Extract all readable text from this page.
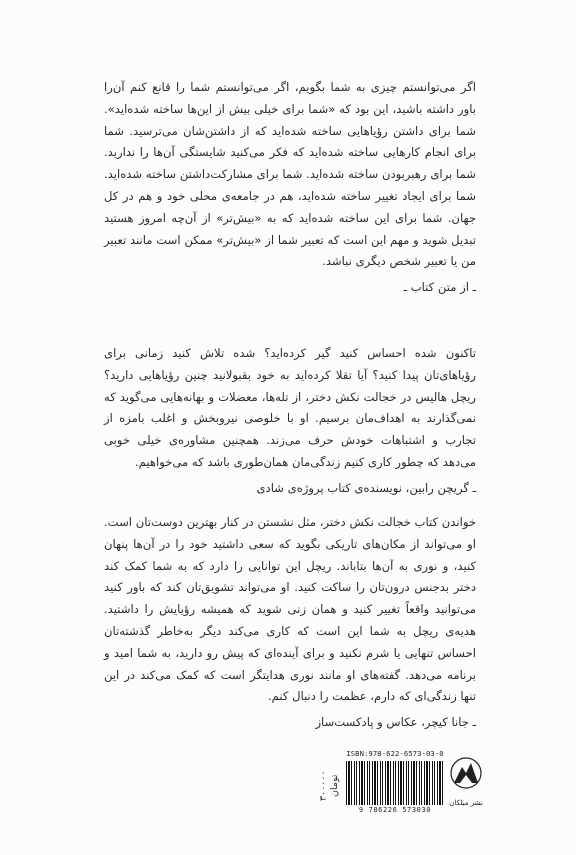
اگر می‌توانستم چیزی به شما بگویم، اگر می‌توانستم شما را قانع کنم آن‌را باور داشته باشید، این بود که «شما برای خیلی بیش از این‌ها ساخته شده‌اید». شما برای داشتن رؤیاهایی ساخته شده‌اید که از داشتن‌شان می‌ترسید. شما برای انجام کارهایی ساخته شده‌اید که فکر می‌کنید شایستگی آن‌ها را ندارید. شما برای رهبربودن ساخته شده‌اید. شما برای مشارکت‌داشتن ساخته شده‌اید. شما برای ایجاد تغییر ساخته شده‌اید، هم در جامعه‌ی محلی خود و هم در کل جهان. شما برای این ساخته شده‌اید که به «بیش‌تر» از آن‌چه امروز هستید تبدیل شوید و مهم این است که تعبیر شما از «بیش‌تر» ممکن است مانند تعبیر من یا تعبیر شخص دیگری نباشد.

ـ از متن کتاب ـ

تاکنون شده احساس کنید گیر کرده‌اید؟ شده تلاش کنید زمانی برای رؤیاهای‌تان پیدا کنید؟ آیا تقلا کرده‌اید به خود بقبولانید چنین رؤیاهایی دارید؟ ریچل هالیس در خجالت نکش دختر، از تله‌ها، معضلات و بهانه‌هایی می‌گوید که نمی‌گذارند به اهداف‌مان برسیم. او با خلوصی نیروبخش و اغلب بامزه از تجارب و اشتباهات خودش حرف می‌زند. همچنین مشاوره‌ی خیلی خوبی می‌دهد که چطور کاری کنیم زندگی‌مان همان‌طوری باشد که می‌خواهیم.

ـ گریچن رابین، نویسنده‌ی کتاب پروژه‌ی شادی

خواندن کتاب خجالت نکش دختر، مثل نشستن در کنار بهترین دوست‌تان است. او می‌تواند از مکان‌های تاریکی بگوید که سعی داشتید خود را در آن‌ها پنهان کنید، و نوری به آن‌ها بتاباند. ریچل این توانایی را دارد که به شما کمک کند دختر بدجنس درون‌تان را ساکت کنید. او می‌تواند تشویق‌تان کند که باور کنید می‌توانید واقعاً تغییر کنید و همان زنی شوید که همیشه رؤیایش را داشتید. هدیه‌ی ریچل به شما این است که کاری می‌کند دیگر به‌خاطر گذشته‌تان احساس تنهایی یا شرم نکنید و برای آینده‌ای که پیش رو دارید، به شما امید و برنامه می‌دهد. گفته‌های او مانند نوری هدایتگر است که کمک می‌کند در این تنها زندگی‌ای که دارم، عظمت را دنبال کنم.

ـ جانا کیچر، عکاس و پادکست‌ساز

۳۰۰۰۰۰ تومان
ISBN:978-622-6573-03-0
9 786226 573030
نشر میلکان
